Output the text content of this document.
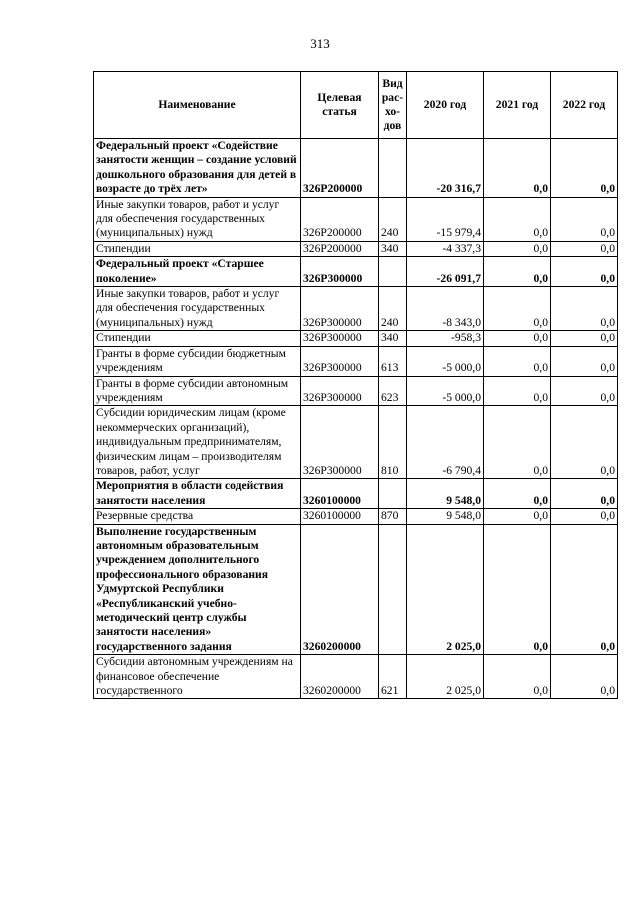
313
Наименование	Целевая статья	Вид рас-хо-дов	2020 год	2021 год	2022 год
Федеральный проект «Содействие занятости женщин – создание условий дошкольного образования для детей в возрасте до трёх лет»	326P200000		-20 316,7	0,0	0,0
Иные закупки товаров, работ и услуг для обеспечения государственных (муниципальных) нужд	326P200000	240	-15 979,4	0,0	0,0
Стипендии	326P200000	340	-4 337,3	0,0	0,0
Федеральный проект «Старшее поколение»	326P300000		-26 091,7	0,0	0,0
Иные закупки товаров, работ и услуг для обеспечения государственных (муниципальных) нужд	326P300000	240	-8 343,0	0,0	0,0
Стипендии	326P300000	340	-958,3	0,0	0,0
Гранты в форме субсидии бюджетным учреждениям	326P300000	613	-5 000,0	0,0	0,0
Гранты в форме субсидии автономным учреждениям	326P300000	623	-5 000,0	0,0	0,0
Субсидии юридическим лицам (кроме некоммерческих организаций), индивидуальным предпринимателям, физическим лицам – производителям товаров, работ, услуг	326P300000	810	-6 790,4	0,0	0,0
Мероприятия в области содействия занятости населения	3260100000		9 548,0	0,0	0,0
Резервные средства	3260100000	870	9 548,0	0,0	0,0
Выполнение государственным автономным образовательным учреждением дополнительного профессионального образования Удмуртской Республики «Республиканский учебно-методический центр службы занятости населения» государственного задания	3260200000		2 025,0	0,0	0,0
Субсидии автономным учреждениям на финансовое обеспечение государственного	3260200000	621	2 025,0	0,0	0,0
